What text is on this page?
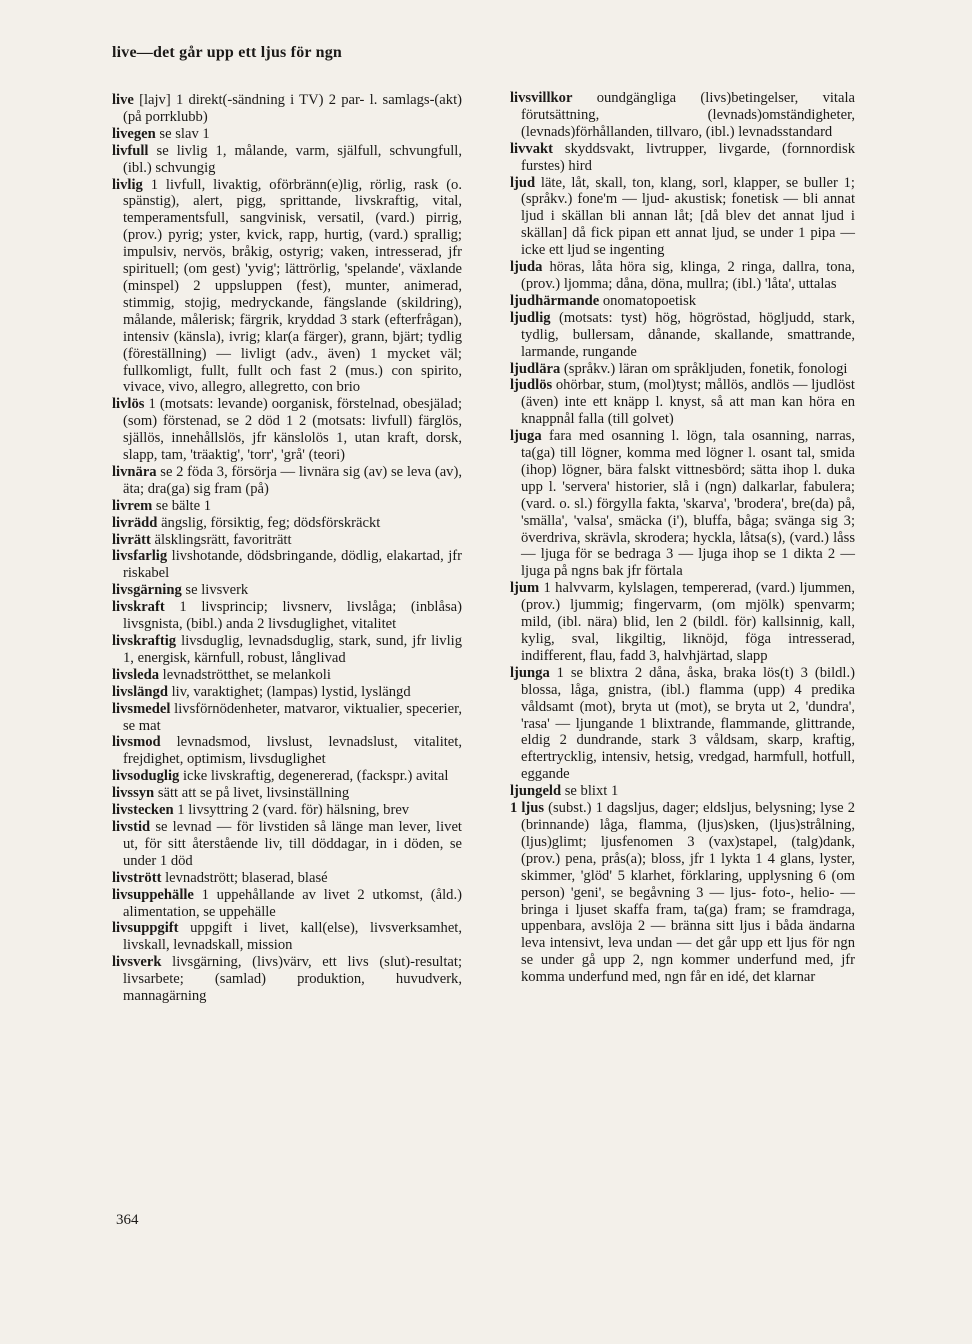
live—det går upp ett ljus för ngn

live [lajv] 1 direkt(-sändning i TV) 2 par- l. samlags-(akt) (på porrklubb)

livegen se slav 1

livfull se livlig 1, målande, varm, själfull, schvungfull, (ibl.) schvungig

livlig 1 livfull, livaktig, oförbränn(e)lig, rörlig, rask (o. spänstig), alert, pigg, sprittande, livskraftig, vital, temperamentsfull, sangvinisk, versatil, (vard.) pirrig, (prov.) pyrig; yster, kvick, rapp, hurtig, (vard.) sprallig; impulsiv, nervös, bråkig, ostyrig; vaken, intresserad, jfr spirituell; (om gest) 'yvig'; lättrörlig, 'spelande', växlande (minspel) 2 uppsluppen (fest), munter, animerad, stimmig, stojig, medryckande, fängslande (skildring), målande, målerisk; färgrik, kryddad 3 stark (efterfrågan), intensiv (känsla), ivrig; klar(a färger), grann, bjärt; tydlig (föreställning) — livligt (adv., även) 1 mycket väl; fullkomligt, fullt, fullt och fast 2 (mus.) con spirito, vivace, vivo, allegro, allegretto, con brio

livlös 1 (motsats: levande) oorganisk, förstelnad, obesjälad; (som) förstenad, se 2 död 1 2 (motsats: livfull) färglös, själlös, innehållslös, jfr känslolös 1, utan kraft, dorsk, slapp, tam, 'träaktig', 'torr', 'grå' (teori)

livnära se 2 föda 3, försörja — livnära sig (av) se leva (av), äta; dra(ga) sig fram (på)

livrem se bälte 1

livrädd ängslig, försiktig, feg; dödsförskräckt

livrätt älsklingsrätt, favoriträtt

livsfarlig livshotande, dödsbringande, dödlig, elakartad, jfr riskabel

livsgärning se livsverk

livskraft 1 livsprincip; livsnerv, livslåga; (inblåsa) livsgnista, (bibl.) anda 2 livsduglighet, vitalitet

livskraftig livsduglig, levnadsduglig, stark, sund, jfr livlig 1, energisk, kärnfull, robust, långlivad

livsleda levnadströtthet, se melankoli

livslängd liv, varaktighet; (lampas) lystid, lyslängd

livsmedel livsförnödenheter, matvaror, viktualier, specerier, se mat

livsmod levnadsmod, livslust, levnadslust, vitalitet, frejdighet, optimism, livsduglighet

livsoduglig icke livskraftig, degenererad, (fackspr.) avital

livssyn sätt att se på livet, livsinställning

livstecken 1 livsyttring 2 (vard. för) hälsning, brev

livstid se levnad — för livstiden så länge man lever, livet ut, för sitt återstående liv, till döddagar, in i döden, se under 1 död

livstrött levnadstrött; blaserad, blasé

livsuppehälle 1 uppehållande av livet 2 utkomst, (åld.) alimentation, se uppehälle

livsuppgift uppgift i livet, kall(else), livsverksamhet, livskall, levnadskall, mission

livsverk livsgärning, (livs)värv, ett livs (slut)-resultat; livsarbete; (samlad) produktion, huvudverk, mannagärning

livsvillkor oundgängliga (livs)betingelser, vitala förutsättning, (levnads)omständigheter, (levnads)förhållanden, tillvaro, (ibl.) levnadsstandard

livvakt skyddsvakt, livtrupper, livgarde, (fornnordisk furstes) hird

ljud läte, låt, skall, ton, klang, sorl, klapper, se buller 1; (språkv.) fone'm — ljud- akustisk; fonetisk — bli annat ljud i skällan bli annan låt; [då blev det annat ljud i skällan] då fick pipan ett annat ljud, se under 1 pipa — icke ett ljud se ingenting

ljuda höras, låta höra sig, klinga, 2 ringa, dallra, tona, (prov.) ljomma; dåna, döna, mullra; (ibl.) 'låta', uttalas

ljudhärmande onomatopoetisk

ljudlig (motsats: tyst) hög, högröstad, högljudd, stark, tydlig, bullersam, dånande, skallande, smattrande, larmande, rungande

ljudlära (språkv.) läran om språkljuden, fonetik, fonologi

ljudlös ohörbar, stum, (mol)tyst; mållös, andlös — ljudlöst (även) inte ett knäpp l. knyst, så att man kan höra en knappnål falla (till golvet)

ljuga fara med osanning l. lögn, tala osanning, narras, ta(ga) till lögner, komma med lögner l. osant tal, smida (ihop) lögner, bära falskt vittnesbörd; sätta ihop l. duka upp l. 'servera' historier, slå i (ngn) dalkarlar, fabulera; (vard. o. sl.) förgylla fakta, 'skarva', 'brodera', bre(da) på, 'smälla', 'valsa', smäcka (i'), bluffa, båga; svänga sig 3; överdriva, skrävla, skrodera; hyckla, låtsa(s), (vard.) låss — ljuga för se bedraga 3 — ljuga ihop se 1 dikta 2 — ljuga på ngns bak jfr förtala

ljum 1 halvvarm, kylslagen, tempererad, (vard.) ljummen, (prov.) ljummig; fingervarm, (om mjölk) spenvarm; mild, (ibl. nära) blid, len 2 (bildl. för) kallsinnig, kall, kylig, sval, likgiltig, liknöjd, föga intresserad, indifferent, flau, fadd 3, halvhjärtad, slapp

ljunga 1 se blixtra 2 dåna, åska, braka lös(t) 3 (bildl.) blossa, låga, gnistra, (ibl.) flamma (upp) 4 predika våldsamt (mot), bryta ut (mot), se bryta ut 2, 'dundra', 'rasa' — ljungande 1 blixtrande, flammande, glittrande, eldig 2 dundrande, stark 3 våldsam, skarp, kraftig, eftertrycklig, intensiv, hetsig, vredgad, harmfull, hotfull, eggande

ljungeld se blixt 1

1 ljus (subst.) 1 dagsljus, dager; eldsljus, belysning; lyse 2 (brinnande) låga, flamma, (ljus)sken, (ljus)strålning, (ljus)glimt; ljusfenomen 3 (vax)stapel, (talg)dank, (prov.) pena, prås(a); bloss, jfr 1 lykta 1 4 glans, lyster, skimmer, 'glöd' 5 klarhet, förklaring, upplysning 6 (om person) 'geni', se begåvning 3 — ljus- foto-, helio- — bringa i ljuset skaffa fram, ta(ga) fram; se framdraga, uppenbara, avslöja 2 — bränna sitt ljus i båda ändarna leva intensivt, leva undan — det går upp ett ljus för ngn se under gå upp 2, ngn kommer underfund med, jfr komma underfund med, ngn får en idé, det klarnar

364
